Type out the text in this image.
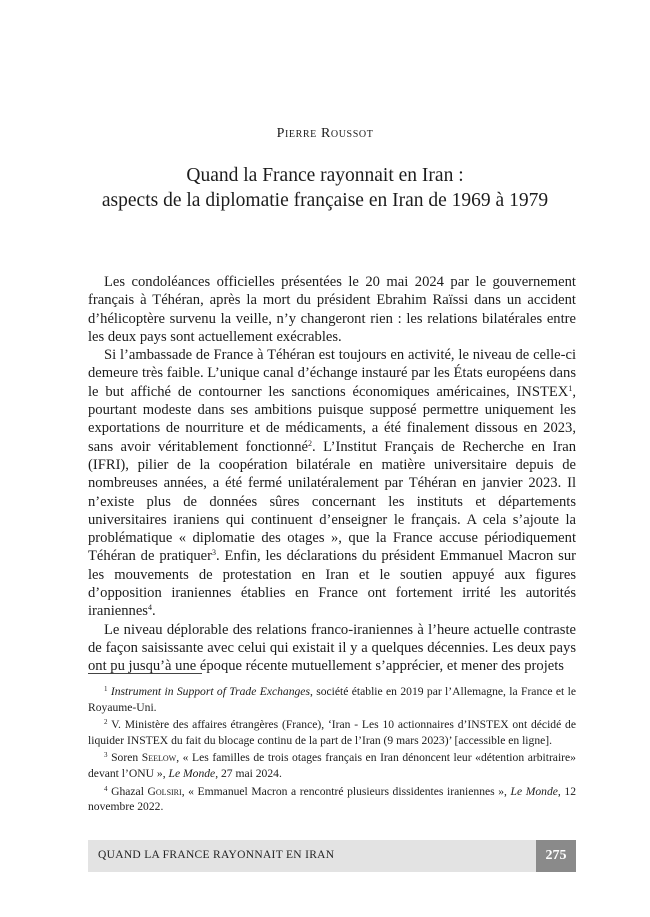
Pierre Roussot
Quand la France rayonnait en Iran :
aspects de la diplomatie française en Iran de 1969 à 1979

Les condoléances officielles présentées le 20 mai 2024 par le gouvernement français à Téhéran, après la mort du président Ebrahim Raïssi dans un accident d’hélicoptère survenu la veille, n’y changeront rien : les relations bilatérales entre les deux pays sont actuellement exécrables.

Si l’ambassade de France à Téhéran est toujours en activité, le niveau de celle-ci demeure très faible. L’unique canal d’échange instauré par les États européens dans le but affiché de contourner les sanctions économiques américaines, INSTEX$^1$, pourtant modeste dans ses ambitions puisque supposé permettre uniquement les exportations de nourriture et de médicaments, a été finalement dissous en 2023, sans avoir véritablement fonctionné$^2$. L’Institut Français de Recherche en Iran (IFRI), pilier de la coopération bilatérale en matière universitaire depuis de nombreuses années, a été fermé unilatéralement par Téhéran en janvier 2023. Il n’existe plus de données sûres concernant les instituts et départements universitaires iraniens qui continuent d’enseigner le français. A cela s’ajoute la problématique « diplomatie des otages », que la France accuse périodiquement Téhéran de pratiquer$^3$. Enfin, les déclarations du président Emmanuel Macron sur les mouvements de protestation en Iran et le soutien appuyé aux figures d’opposition iraniennes établies en France ont fortement irrité les autorités iraniennes$^4$.

Le niveau déplorable des relations franco-iraniennes à l’heure actuelle contraste de façon saisissante avec celui qui existait il y a quelques décennies. Les deux pays ont pu jusqu’à une époque récente mutuellement s’apprécier, et mener des projets

$^1$ Instrument in Support of Trade Exchanges, société établie en 2019 par l’Allemagne, la France et le Royaume-Uni.
$^2$ V. Ministère des affaires étrangères (France), ‘Iran - Les 10 actionnaires d’INSTEX ont décidé de liquider INSTEX du fait du blocage continu de la part de l’Iran (9 mars 2023)’ [accessible en ligne].
$^3$ Soren Seelow, « Les familles de trois otages français en Iran dénoncent leur «détention arbitraire» devant l’ONU », Le Monde, 27 mai 2024.
$^4$ Ghazal Golsiri, « Emmanuel Macron a rencontré plusieurs dissidentes iraniennes », Le Monde, 12 novembre 2022.
QUAND LA FRANCE RAYONNAIT EN IRAN	275
